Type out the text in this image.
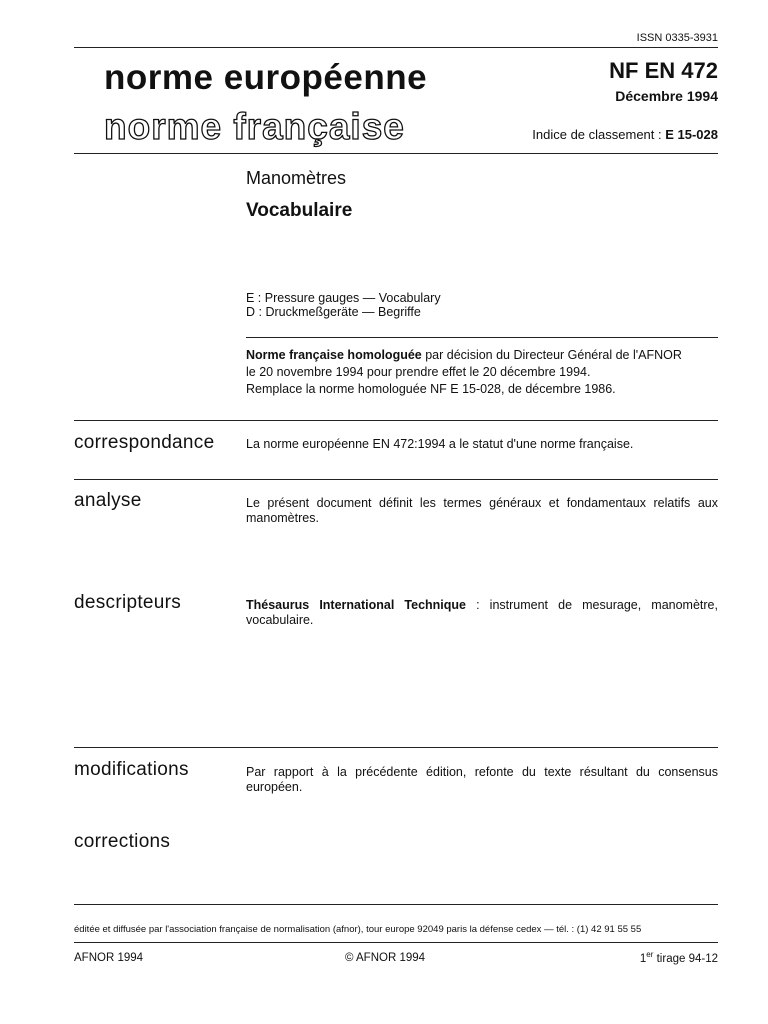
ISSN 0335-3931
norme européenne
norme française
NF EN 472
Décembre 1994
Indice de classement : E 15-028
Manomètres
Vocabulaire
E : Pressure gauges — Vocabulary
D : Druckmeßgeräte — Begriffe
Norme française homologuée par décision du Directeur Général de l'AFNOR
le 20 novembre 1994 pour prendre effet le 20 décembre 1994.
Remplace la norme homologuée NF E 15-028, de décembre 1986.
correspondance	La norme européenne EN 472:1994 a le statut d'une norme française.
analyse	Le présent document définit les termes généraux et fondamentaux relatifs aux manomètres.
descripteurs	Thésaurus International Technique : instrument de mesurage, manomètre, vocabulaire.
modifications	Par rapport à la précédente édition, refonte du texte résultant du consensus européen.
corrections
éditée et diffusée par l'association française de normalisation (afnor), tour europe 92049 paris la défense cedex — tél. : (1) 42 91 55 55
AFNOR 1994	© AFNOR 1994	1er tirage 94-12
